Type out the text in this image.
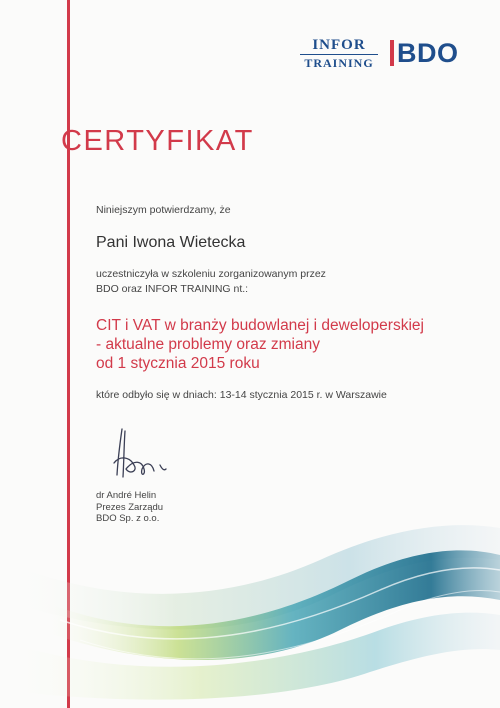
INFOR
TRAINING BDO
CERTYFIKAT
Niniejszym potwierdzamy, że
Pani Iwona Wietecka
uczestniczyła w szkoleniu zorganizowanym przez
BDO oraz INFOR TRAINING nt.:
CIT i VAT w branży budowlanej i deweloperskiej
- aktualne problemy oraz zmiany
od 1 stycznia 2015 roku
które odbyło się w dniach: 13-14 stycznia 2015 r. w Warszawie
dr André Helin
Prezes Zarządu
BDO Sp. z o.o.
